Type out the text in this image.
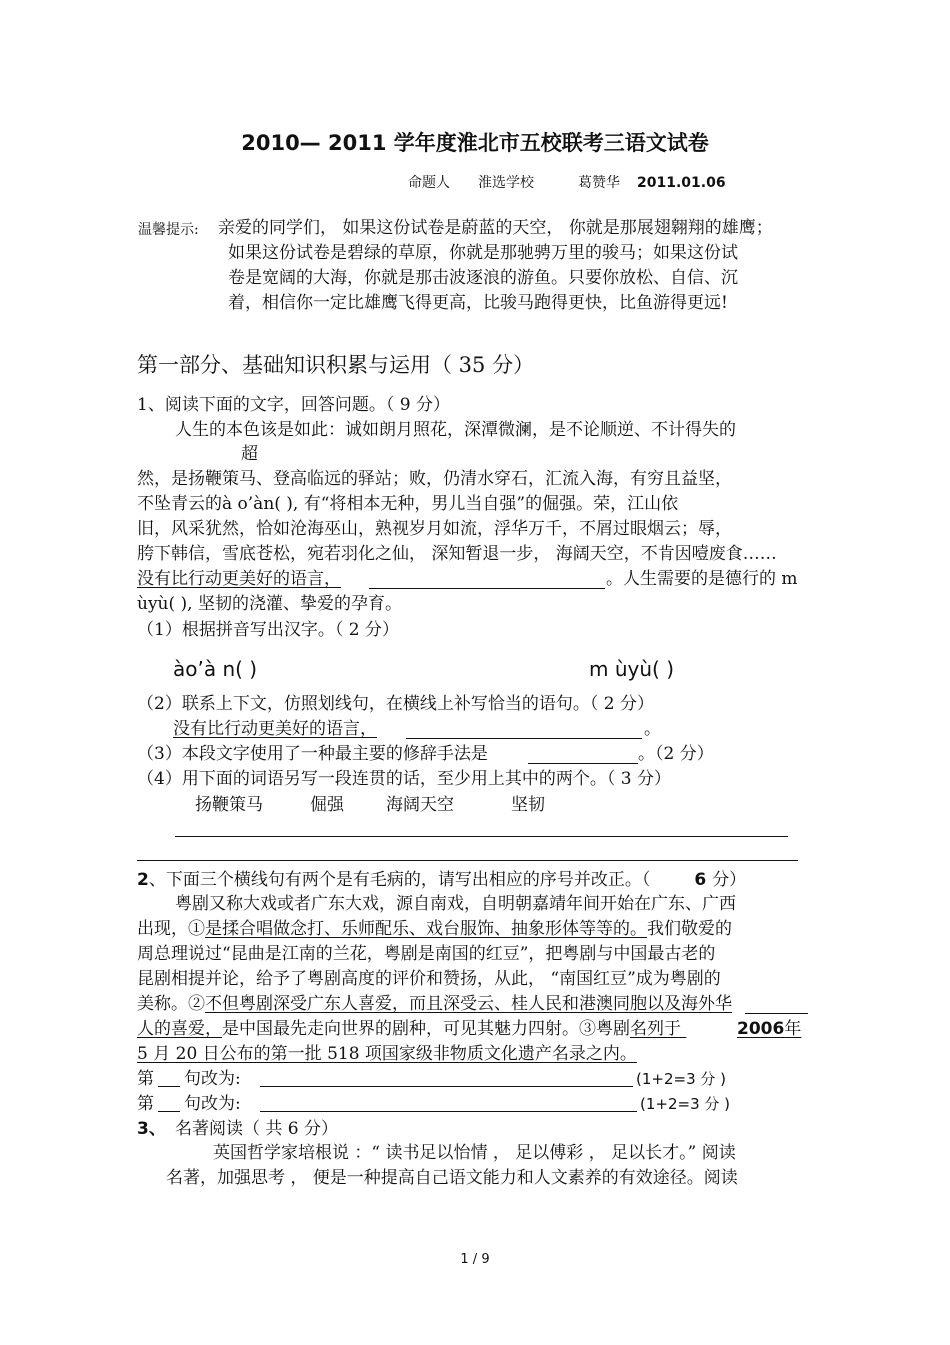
2010— 2011 学年度淮北市五校联考三语文试卷
命题人 淮选学校	葛赞华 2011.01.06
温馨提示: 亲爱的同学们， 如果这份试卷是蔚蓝的天空， 你就是那展翅翱翔的雄鹰；
如果这份试卷是碧绿的草原，你就是那驰骋万里的骏马；如果这份试
卷是宽阔的大海，你就是那击波逐浪的游鱼。只要你放松、自信、沉
着，相信你一定比雄鹰飞得更高，比骏马跑得更快，比鱼游得更远!
第一部分、基础知识积累与运用（ 35 分）
1、阅读下面的文字，回答问题。（ 9 分）
人生的本色该是如此：诚如朗月照花，深潭微澜，是不论顺逆、不计得失的
超
然，是扬鞭策马、登高临远的驿站；败，仍清水穿石，汇流入海，有穷且益坚，
不坠青云的à o’àn( ), 有“将相本无种，男儿当自强”的倔强。荣，江山依
旧，风采犹然，恰如沧海巫山，熟视岁月如流，浮华万千，不屑过眼烟云；辱，
胯下韩信，雪底苍松，宛若羽化之仙， 深知暂退一步， 海阔天空，不肯因噎废食……
没有比行动更美好的语言，	。人生需要的是德行的 m
ùyù( ), 坚韧的浇灌、挚爱的孕育。
（1）根据拼音写出汉字。（ 2 分）
ào’à n( )	m ùyù( )
（2）联系上下文，仿照划线句，在横线上补写恰当的语句。（ 2 分）
没有比行动更美好的语言，	。
（3）本段文字使用了一种最主要的修辞手法是	。（2 分）
（4）用下面的词语另写一段连贯的话，至少用上其中的两个。（ 3 分）
扬鞭策马	倔强 海阔天空	坚韧
2、下面三个横线句有两个是有毛病的，请写出相应的序号并改正。（	6 分）
粤剧又称大戏或者广东大戏，源自南戏，自明朝嘉靖年间开始在广东、广西
出现，①是揉合唱做念打、乐师配乐、戏台服饰、抽象形体等等的。我们敬爱的
周总理说过“昆曲是江南的兰花，粤剧是南国的红豆”，把粤剧与中国最古老的
昆剧相提并论，给予了粤剧高度的评价和赞扬，从此， “南国红豆”成为粤剧的
美称。②不但粤剧深受广东人喜爱，而且深受云、桂人民和港澳同胞以及海外华
人的喜爱，是中国最先走向世界的剧种，可见其魅力四射。③粤剧名列于	2006年
5 月 20 日公布的第一批 518 项国家级非物质文化遗产名录之内。
第 句改为:	(1+2=3 分 )
第 句改为:	(1+2=3 分 )
3、 名著阅读（ 共 6 分）
英国哲学家培根说 ：“ 读书足以怡情 ， 足以傅彩 ， 足以长才。” 阅读
名著，加强思考 ， 便是一种提高自己语文能力和人文素养的有效途径。阅读
1 / 9
